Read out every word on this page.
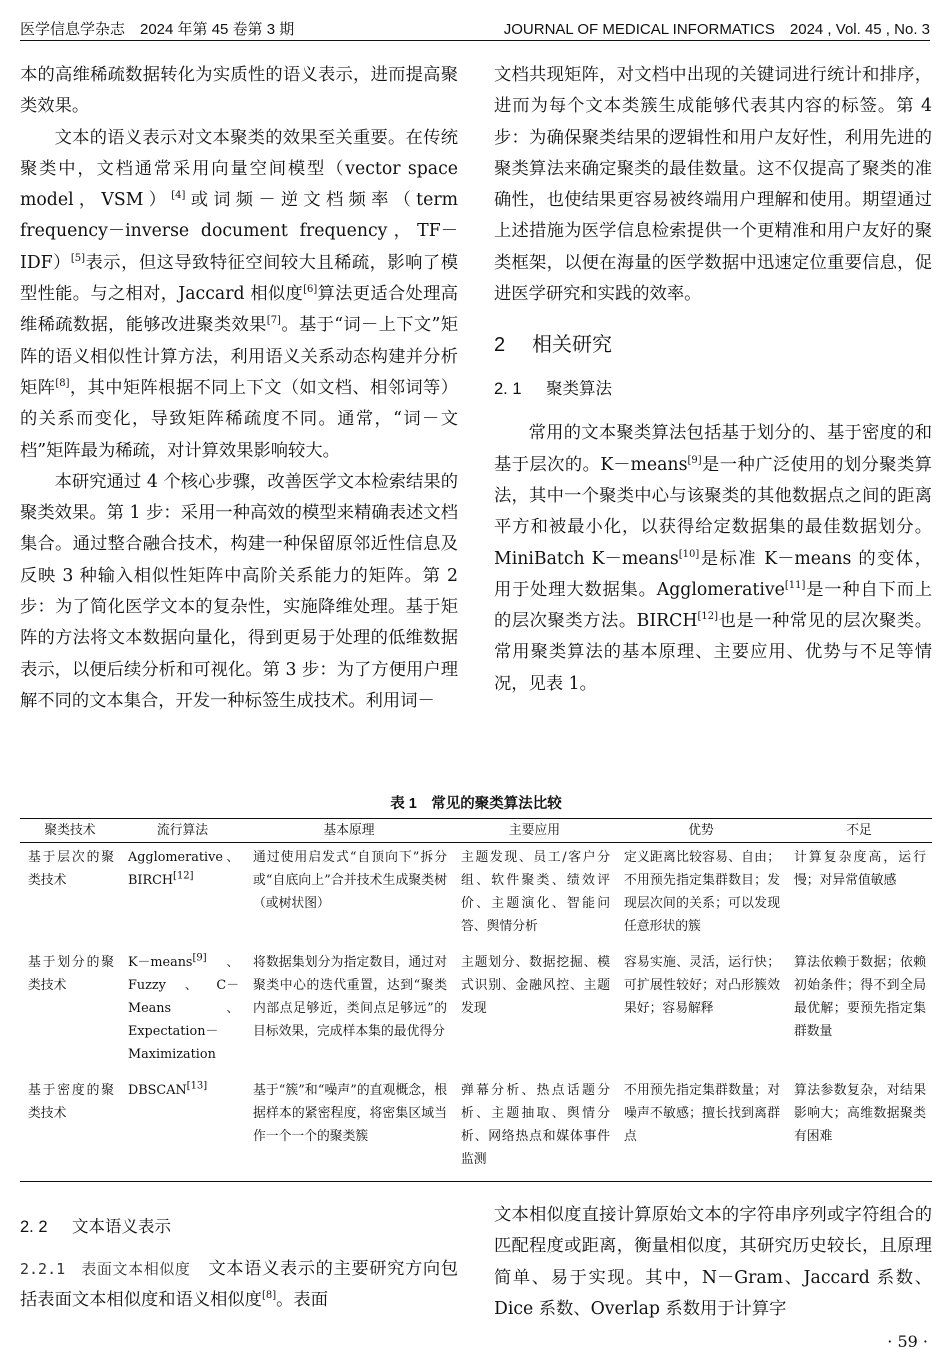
医学信息学杂志　2024 年第 45 卷第 3 期	JOURNAL OF MEDICAL INFORMATICS　2024 , Vol. 45 , No. 3

本的高维稀疏数据转化为实质性的语义表示，进而提高聚类效果。

文本的语义表示对文本聚类的效果至关重要。在传统聚类中，文档通常采用向量空间模型（vector space model，VSM）[4]或词频－逆文档频率（term frequency－inverse document frequency，TF－IDF）[5]表示，但这导致特征空间较大且稀疏，影响了模型性能。与之相对，Jaccard 相似度[6]算法更适合处理高维稀疏数据，能够改进聚类效果[7]。基于“词－上下文”矩阵的语义相似性计算方法，利用语义关系动态构建并分析矩阵[8]，其中矩阵根据不同上下文（如文档、相邻词等）的关系而变化，导致矩阵稀疏度不同。通常，“词－文档”矩阵最为稀疏，对计算效果影响较大。

本研究通过 4 个核心步骤，改善医学文本检索结果的聚类效果。第 1 步：采用一种高效的模型来精确表述文档集合。通过整合融合技术，构建一种保留原邻近性信息及反映 3 种输入相似性矩阵中高阶关系能力的矩阵。第 2 步：为了简化医学文本的复杂性，实施降维处理。基于矩阵的方法将文本数据向量化，得到更易于处理的低维数据表示，以便后续分析和可视化。第 3 步：为了方便用户理解不同的文本集合，开发一种标签生成技术。利用词－

文档共现矩阵，对文档中出现的关键词进行统计和排序，进而为每个文本类簇生成能够代表其内容的标签。第 4 步：为确保聚类结果的逻辑性和用户友好性，利用先进的聚类算法来确定聚类的最佳数量。这不仅提高了聚类的准确性，也使结果更容易被终端用户理解和使用。期望通过上述措施为医学信息检索提供一个更精准和用户友好的聚类框架，以便在海量的医学数据中迅速定位重要信息，促进医学研究和实践的效率。

2 相关研究
2. 1 聚类算法

常用的文本聚类算法包括基于划分的、基于密度的和基于层次的。K－means[9]是一种广泛使用的划分聚类算法，其中一个聚类中心与该聚类的其他数据点之间的距离平方和被最小化，以获得给定数据集的最佳数据划分。MiniBatch K－means[10]是标准 K－means 的变体，用于处理大数据集。Agglomerative[11]是一种自下而上的层次聚类方法。BIRCH[12]也是一种常见的层次聚类。常用聚类算法的基本原理、主要应用、优势与不足等情况，见表 1。

表 1　常见的聚类算法比较
聚类技术	流行算法	基本原理	主要应用	优势	不足
基于层次的聚类技术	Agglomerative、BIRCH[12]	通过使用启发式“自顶向下”拆分或“自底向上”合并技术生成聚类树（或树状图）	主题发现、员工/客户分组、软件聚类、绩效评价、主题演化、智能问答、舆情分析	定义距离比较容易、自由；不用预先指定集群数目；发现层次间的关系；可以发现任意形状的簇	计算复杂度高，运行慢；对异常值敏感
基于划分的聚类技术	K－means[9]、Fuzzy、C－Means、Expectation－Maximization	将数据集划分为指定数目，通过对聚类中心的迭代重置，达到“聚类内部点足够近，类间点足够远”的目标效果，完成样本集的最优得分	主题划分、数据挖掘、模式识别、金融风控、主题发现	容易实施、灵活，运行快；可扩展性较好；对凸形簇效果好；容易解释	算法依赖于数据；依赖初始条件；得不到全局最优解；要预先指定集群数量
基于密度的聚类技术	DBSCAN[13]	基于“簇”和“噪声”的直观概念，根据样本的紧密程度，将密集区域当作一个一个的聚类簇	弹幕分析、热点话题分析、主题抽取、舆情分析、网络热点和媒体事件监测	不用预先指定集群数量；对噪声不敏感；擅长找到离群点	算法参数复杂，对结果影响大；高维数据聚类有困难
2. 2 文本语义表示

2.2.1　表面文本相似度　 文本语义表示的主要研究方向包括表面文本相似度和语义相似度[8]。表面

文本相似度直接计算原始文本的字符串序列或字符组合的匹配程度或距离，衡量相似度，其研究历史较长，且原理简单、易于实现。其中，N－Gram、Jaccard 系数、Dice 系数、Overlap 系数用于计算字

· 59 ·
